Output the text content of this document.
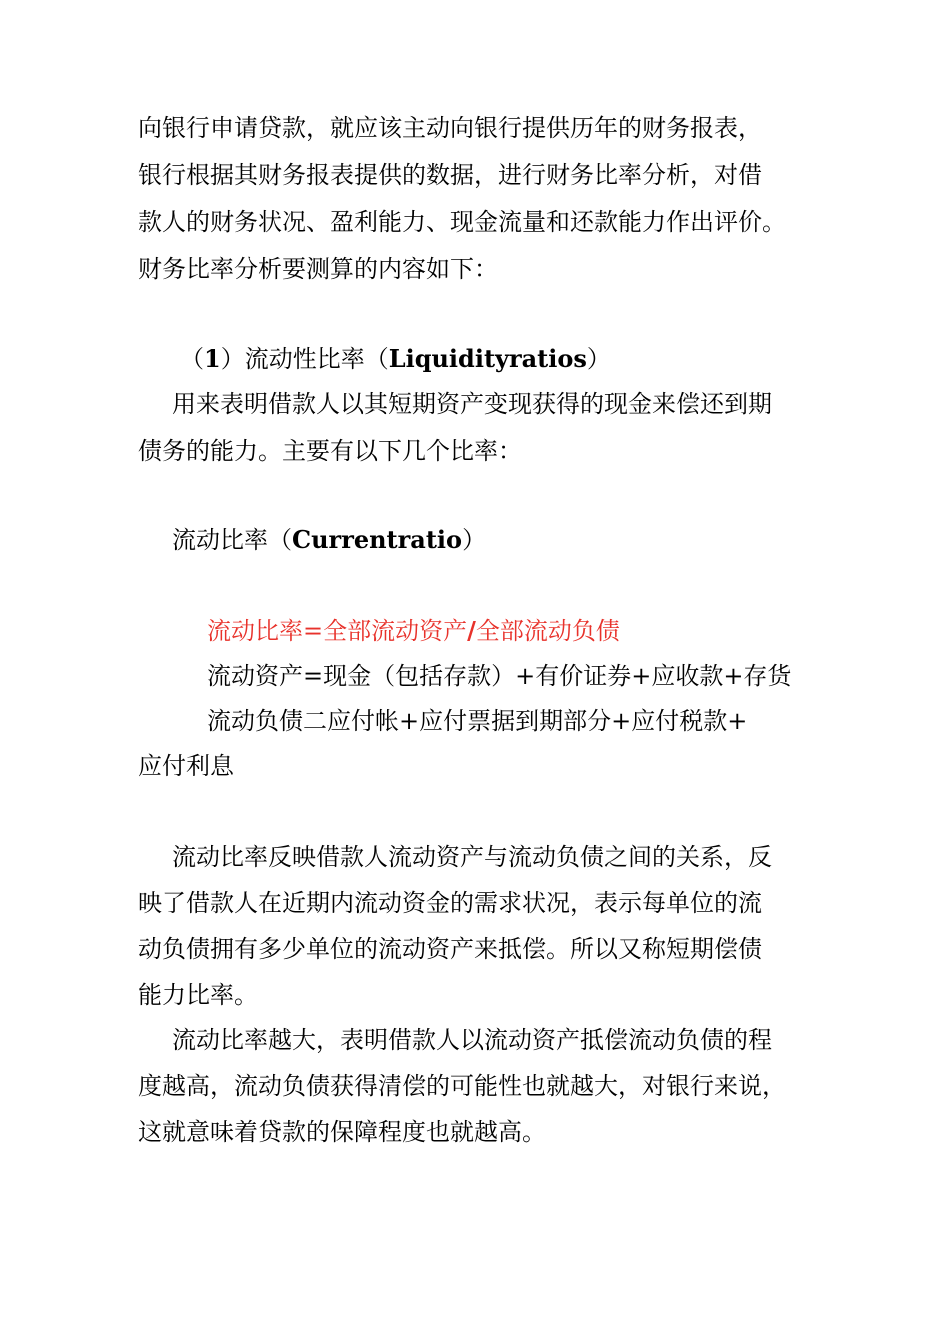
向银行申请贷款，就应该主动向银行提供历年的财务报表，
银行根据其财务报表提供的数据，进行财务比率分析，对借
款人的财务状况、盈利能力、现金流量和还款能力作出评价。
财务比率分析要测算的内容如下：
（1）流动性比率（Liquidityratios）
用来表明借款人以其短期资产变现获得的现金来偿还到期
债务的能力。主要有以下几个比率：
流动比率（Currentratio）
流动比率=全部流动资产/全部流动负债
流动资产=现金（包括存款）+有价证券+应收款+存货
流动负债二应付帐+应付票据到期部分+应付税款+
应付利息
流动比率反映借款人流动资产与流动负债之间的关系，反
映了借款人在近期内流动资金的需求状况，表示每单位的流
动负债拥有多少单位的流动资产来抵偿。所以又称短期偿债
能力比率。
流动比率越大，表明借款人以流动资产抵偿流动负债的程
度越高，流动负债获得清偿的可能性也就越大，对银行来说，
这就意味着贷款的保障程度也就越高。
